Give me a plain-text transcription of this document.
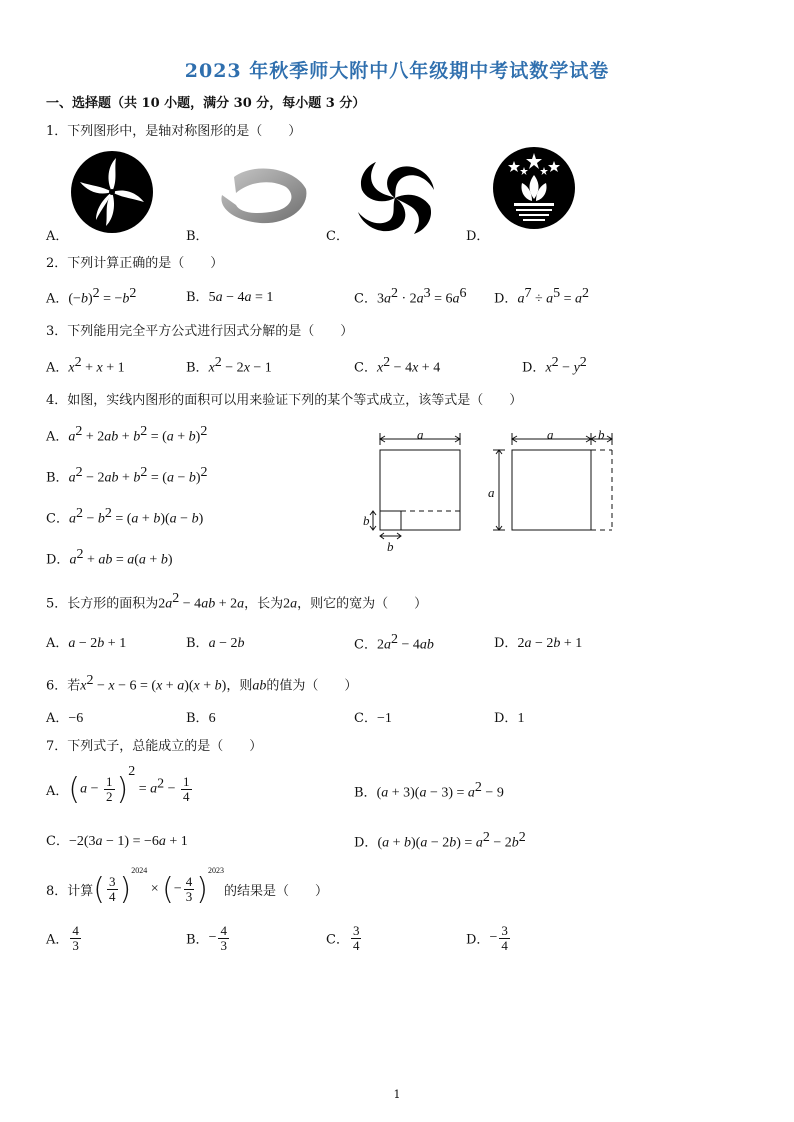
2023 年秋季师大附中八年级期中考试数学试卷
一、选择题（共 10 小题，满分 30 分，每小题 3 分）
1．下列图形中，是轴对称图形的是（　　）
A．	B．	C．	D．
2．下列计算正确的是（　　）
A．$(-b)^2 = -b^2$	B．5a − 4a = 1	C．$3a^2 \cdot 2a^3 = 6a^6$ D．$a^7 \div a^5 = a^2$
3．下列能用完全平方公式进行因式分解的是（　　）
A．$x^2 + x + 1$	B．$x^2 - 2x - 1$	C．$x^2 - 4x + 4$	D．$x^2 - y^2$
4．如图，实线内图形的面积可以用来验证下列的某个等式成立，该等式是（　　）
A．$a^2 + 2ab + b^2 = (a + b)^2$
B．$a^2 - 2ab + b^2 = (a - b)^2$
C．$a^2 - b^2 = (a + b)(a - b)$
D．$a^2$ + ab = a(a + b)
a
b
b
a	b
a
5．长方形的面积为$2a^2 - 4ab + 2a$，长为2a，则它的宽为（　　）
A．a − 2b + 1	B．a − 2b	C．$2a^2 - 4ab$	D．2a − 2b + 1
6．若$x^2 - x - 6 = (x + a)(x + b)$，则ab的值为（　　）
A．−6	B．6	C．−1	D．1
7．下列式子，总能成立的是（　　）
A．$(a - \frac{1}{2} )^2 = a^2 - \frac{1}{4}$	B．$(a + 3)(a - 3) = a^2 - 9$
C．−2(3a − 1) = −6a + 1	D．$(a + b)(a - 2b) = a^2 - 2b^2$
8．计算( $\frac{3}{4} )^{2024}$ × (− $\frac{4}{3} )^{2023}$的结果是（　　）
A． $\frac{4}{3}$	B．− $\frac{4}{3}$	C． $\frac{3}{4}$	D．− $\frac{3}{4}$
1
